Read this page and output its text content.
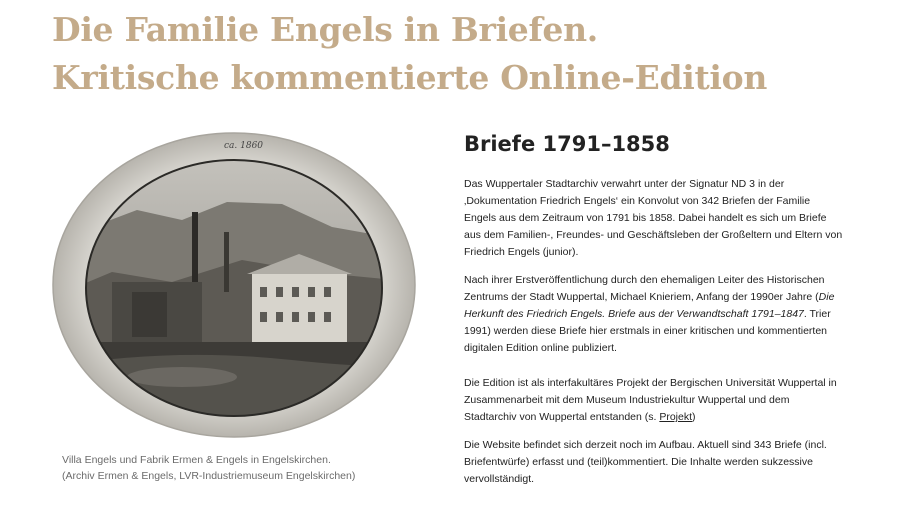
Die Familie Engels in Briefen.
Kritische kommentierte Online-Edition
ca. 1860
Villa Engels und Fabrik Ermen & Engels in Engelskirchen.
(Archiv Ermen & Engels, LVR-Industriemuseum Engelskirchen)
Briefe 1791–1858

Das Wuppertaler Stadtarchiv verwahrt unter der Signatur ND 3 in der ‚Dokumentation Friedrich Engels‘ ein Konvolut von 342 Briefen der Familie Engels aus dem Zeitraum von 1791 bis 1858. Dabei handelt es sich um Briefe aus dem Familien-, Freundes- und Geschäftsleben der Großeltern und Eltern von Friedrich Engels (junior).

Nach ihrer Erstveröffentlichung durch den ehemaligen Leiter des Historischen Zentrums der Stadt Wuppertal, Michael Knieriem, Anfang der 1990er Jahre (Die Herkunft des Friedrich Engels. Briefe aus der Verwandtschaft 1791–1847. Trier 1991) werden diese Briefe hier erstmals in einer kritischen und kommentierten digitalen Edition online publiziert.

Die Edition ist als interfakultäres Projekt der Bergischen Universität Wuppertal in Zusammenarbeit mit dem Museum Industriekultur Wuppertal und dem Stadtarchiv von Wuppertal entstanden (s. Projekt)

Die Website befindet sich derzeit noch im Aufbau. Aktuell sind 343 Briefe (incl. Briefentwürfe) erfasst und (teil)kommentiert. Die Inhalte werden sukzessive vervollständigt.
